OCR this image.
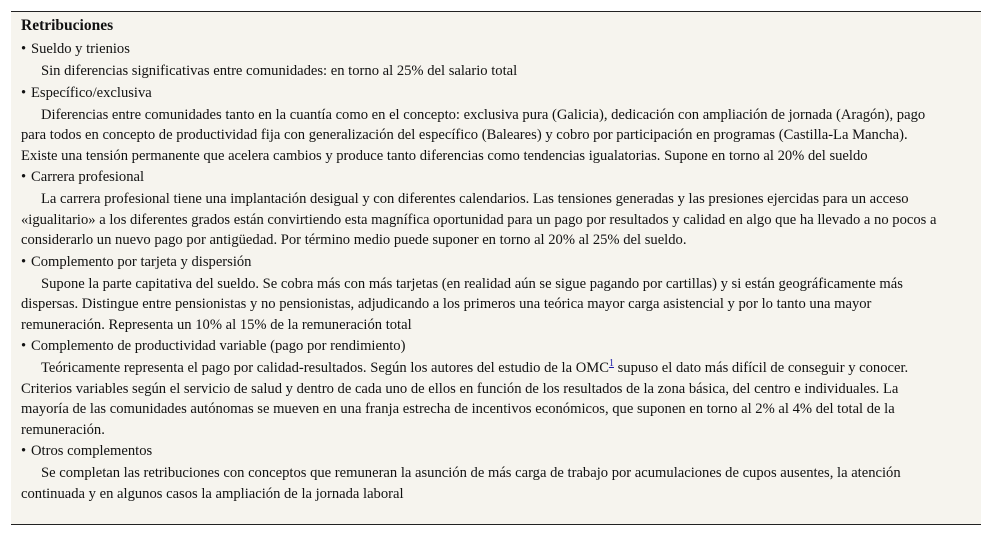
Retribuciones
• Sueldo y trienios
Sin diferencias significativas entre comunidades: en torno al 25% del salario total
• Específico/exclusiva
Diferencias entre comunidades tanto en la cuantía como en el concepto: exclusiva pura (Galicia), dedicación con ampliación de jornada (Aragón), pago para todos en concepto de productividad fija con generalización del específico (Baleares) y cobro por participación en programas (Castilla-La Mancha). Existe una tensión permanente que acelera cambios y produce tanto diferencias como tendencias igualatorias. Supone en torno al 20% del sueldo
• Carrera profesional
La carrera profesional tiene una implantación desigual y con diferentes calendarios. Las tensiones generadas y las presiones ejercidas para un acceso «igualitario» a los diferentes grados están convirtiendo esta magnífica oportunidad para un pago por resultados y calidad en algo que ha llevado a no pocos a considerarlo un nuevo pago por antigüedad. Por término medio puede suponer en torno al 20% al 25% del sueldo.
• Complemento por tarjeta y dispersión
Supone la parte capitativa del sueldo. Se cobra más con más tarjetas (en realidad aún se sigue pagando por cartillas) y si están geográficamente más dispersas. Distingue entre pensionistas y no pensionistas, adjudicando a los primeros una teórica mayor carga asistencial y por lo tanto una mayor remuneración. Representa un 10% al 15% de la remuneración total
• Complemento de productividad variable (pago por rendimiento)
Teóricamente representa el pago por calidad-resultados. Según los autores del estudio de la OMC$^1$ supuso el dato más difícil de conseguir y conocer. Criterios variables según el servicio de salud y dentro de cada uno de ellos en función de los resultados de la zona básica, del centro e individuales. La mayoría de las comunidades autónomas se mueven en una franja estrecha de incentivos económicos, que suponen en torno al 2% al 4% del total de la remuneración.
• Otros complementos
Se completan las retribuciones con conceptos que remuneran la asunción de más carga de trabajo por acumulaciones de cupos ausentes, la atención continuada y en algunos casos la ampliación de la jornada laboral
